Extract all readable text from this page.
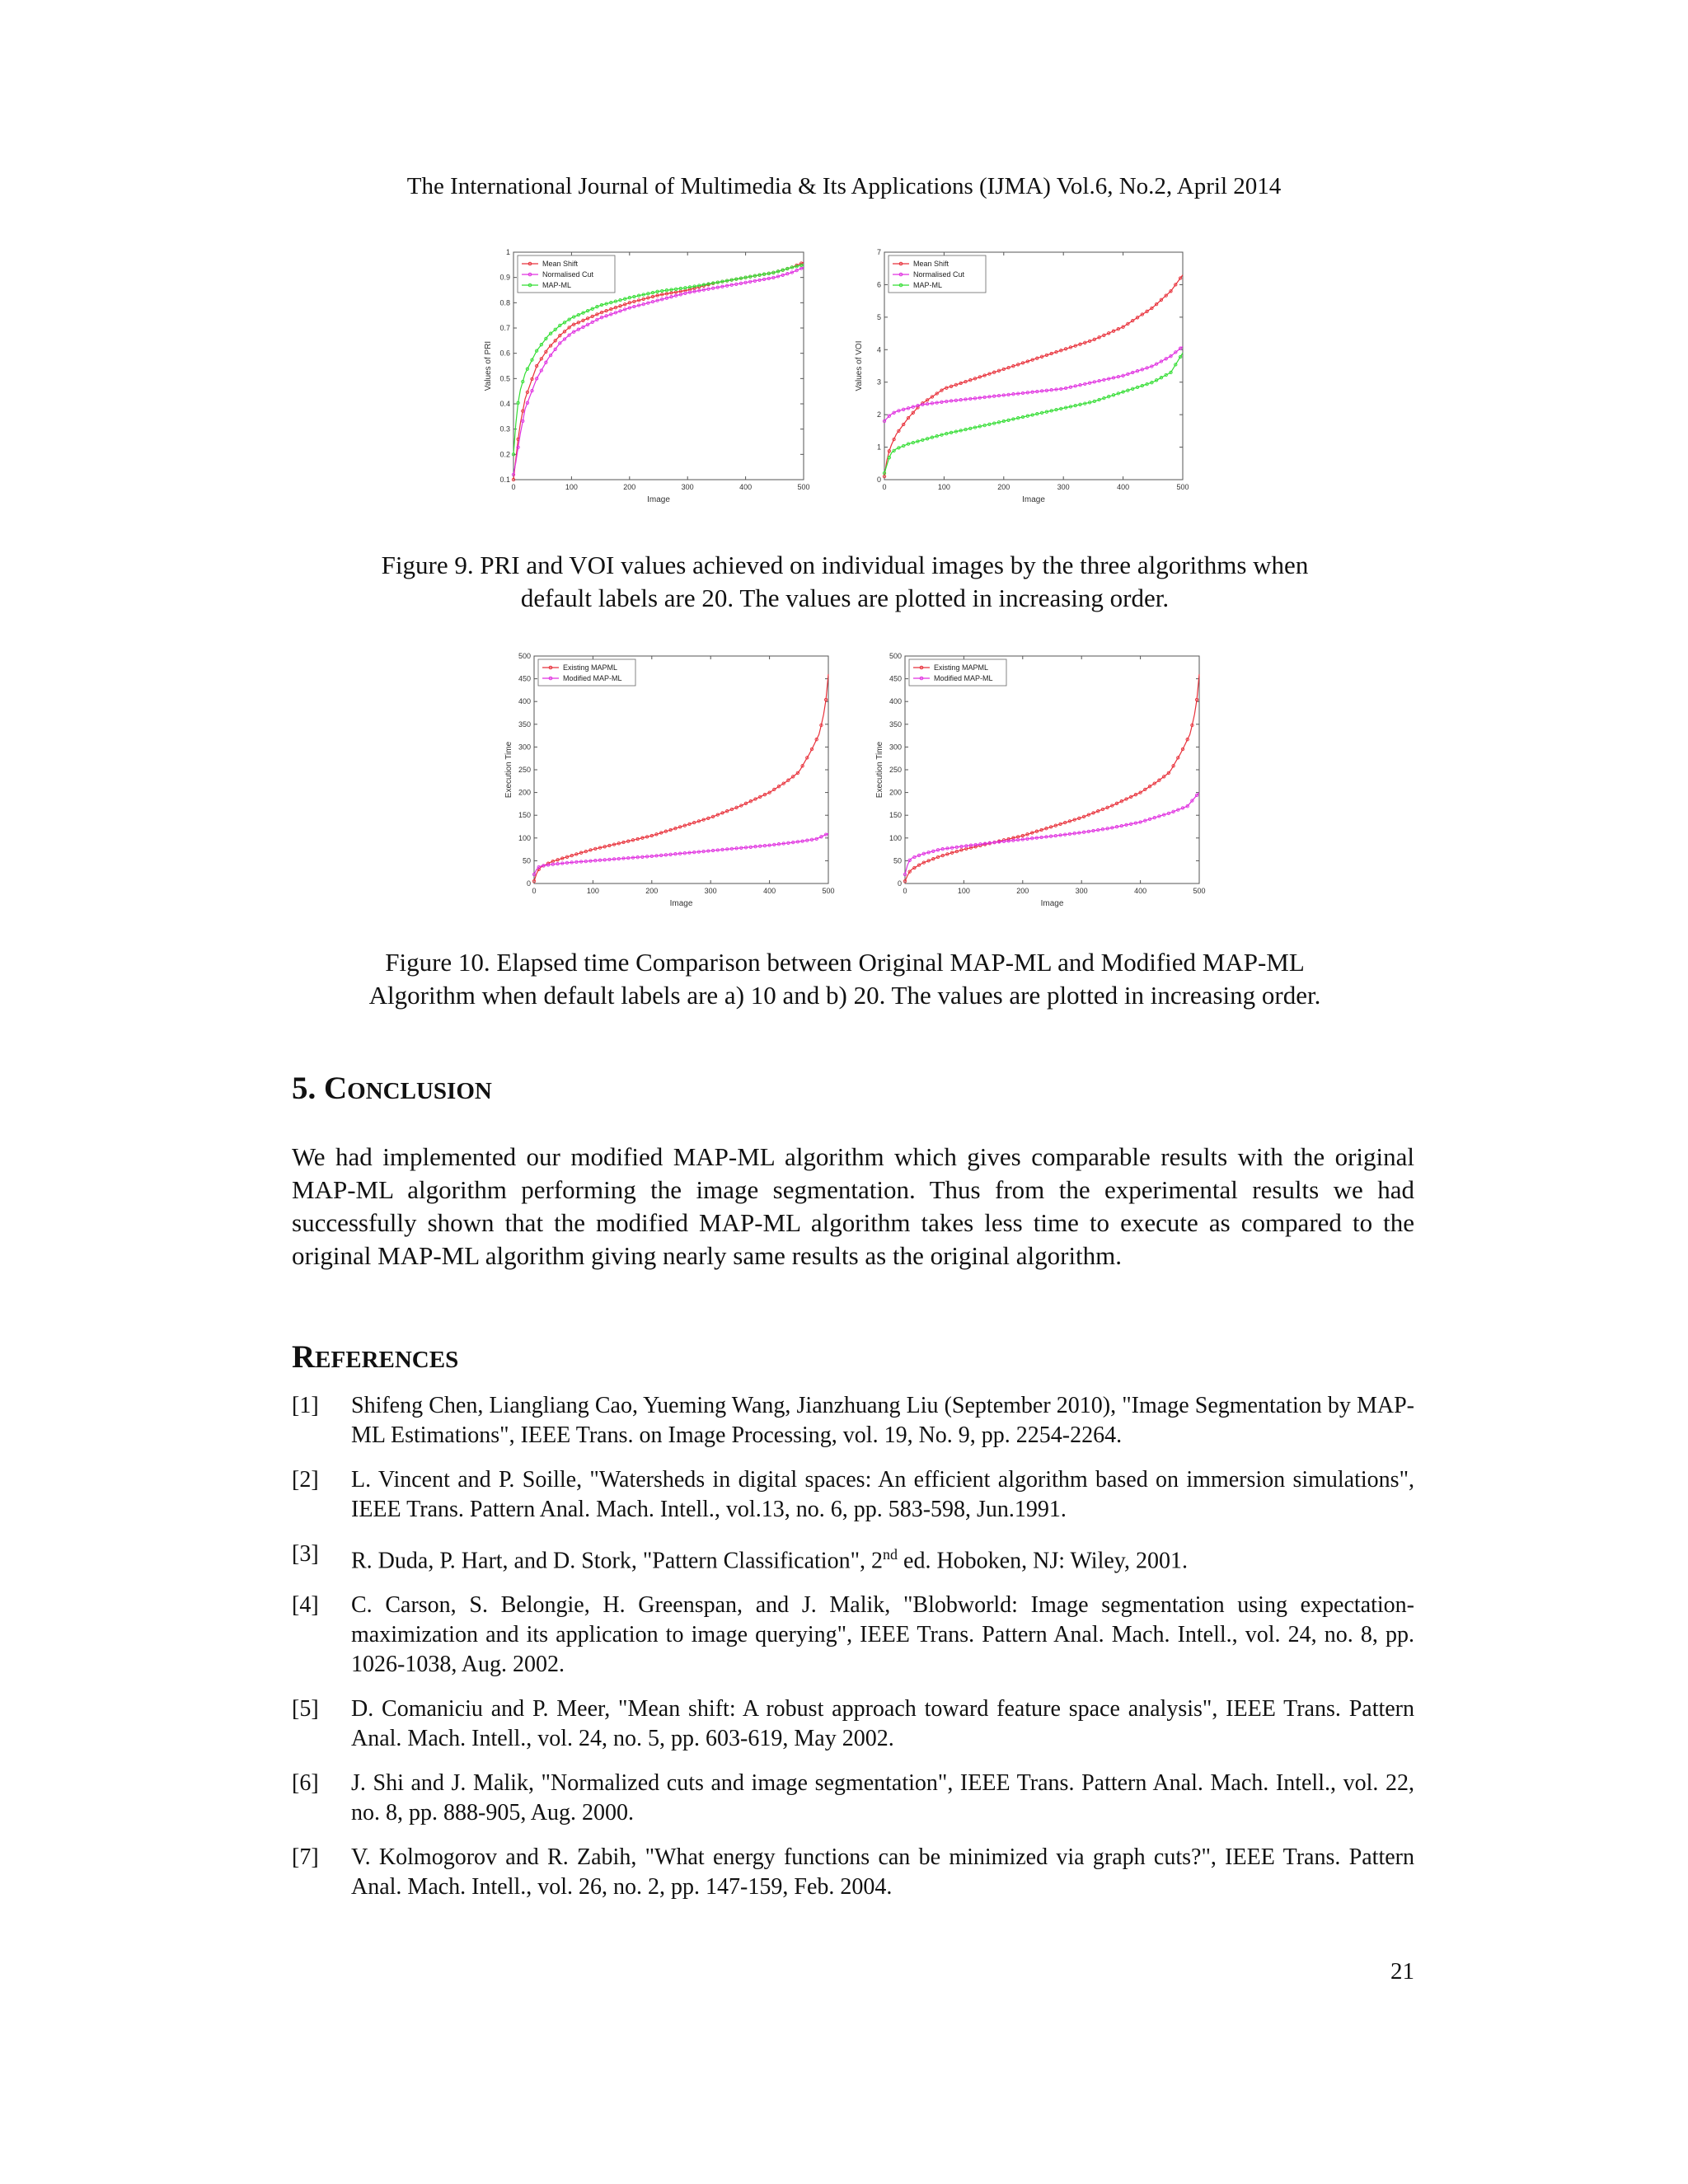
The International Journal of Multimedia & Its Applications (IJMA) Vol.6, No.2, April 2014
0	100	200	300	400	500
0.1
0.2
0.3
0.4
0.5
0.6
0.7
0.8
0.9
1
Image
Values of PRI
Mean Shift
Normalised Cut
MAP-ML
0	100	200	300	400	500
0
1
2
3
4
5
6
7
Image
Values of VOI
Mean Shift
Normalised Cut
MAP-ML
Figure 9. PRI and VOI values achieved on individual images by the three algorithms when
default labels are 20. The values are plotted in increasing order.
0	100	200	300	400	500
0
50
100
150
200
250
300
350
400
450
500
Image
Execution Time
Existing MAPML
Modified MAP-ML
0	100	200	300	400	500
0
50
100
150
200
250
300
350
400
450
500
Image
Execution Time
Existing MAPML
Modified MAP-ML
Figure 10. Elapsed time Comparison between Original MAP-ML and Modified MAP-ML
Algorithm when default labels are a) 10 and b) 20. The values are plotted in increasing order.
5. CONCLUSION
We had implemented our modified MAP-ML algorithm which gives comparable results with the original MAP-ML algorithm performing the image segmentation. Thus from the experimental results we had successfully shown that the modified MAP-ML algorithm takes less time to execute as compared to the original MAP-ML algorithm giving nearly same results as the original algorithm.
REFERENCES
[1]	Shifeng Chen, Liangliang Cao, Yueming Wang, Jianzhuang Liu (September 2010), "Image Segmentation by MAP-ML Estimations", IEEE Trans. on Image Processing, vol. 19, No. 9, pp. 2254-2264.
[2]	L. Vincent and P. Soille, "Watersheds in digital spaces: An efficient algorithm based on immersion simulations", IEEE Trans. Pattern Anal. Mach. Intell., vol.13, no. 6, pp. 583-598, Jun.1991.
[3]	R. Duda, P. Hart, and D. Stork, "Pattern Classification", 2nd ed. Hoboken, NJ: Wiley, 2001.
[4]	C. Carson, S. Belongie, H. Greenspan, and J. Malik, "Blobworld: Image segmentation using expectation-maximization and its application to image querying", IEEE Trans. Pattern Anal. Mach. Intell., vol. 24, no. 8, pp. 1026-1038, Aug. 2002.
[5]	D. Comaniciu and P. Meer, "Mean shift: A robust approach toward feature space analysis", IEEE Trans. Pattern Anal. Mach. Intell., vol. 24, no. 5, pp. 603-619, May 2002.
[6]	J. Shi and J. Malik, "Normalized cuts and image segmentation", IEEE Trans. Pattern Anal. Mach. Intell., vol. 22, no. 8, pp. 888-905, Aug. 2000.
[7]	V. Kolmogorov and R. Zabih, "What energy functions can be minimized via graph cuts?", IEEE Trans. Pattern Anal. Mach. Intell., vol. 26, no. 2, pp. 147-159, Feb. 2004.
21
